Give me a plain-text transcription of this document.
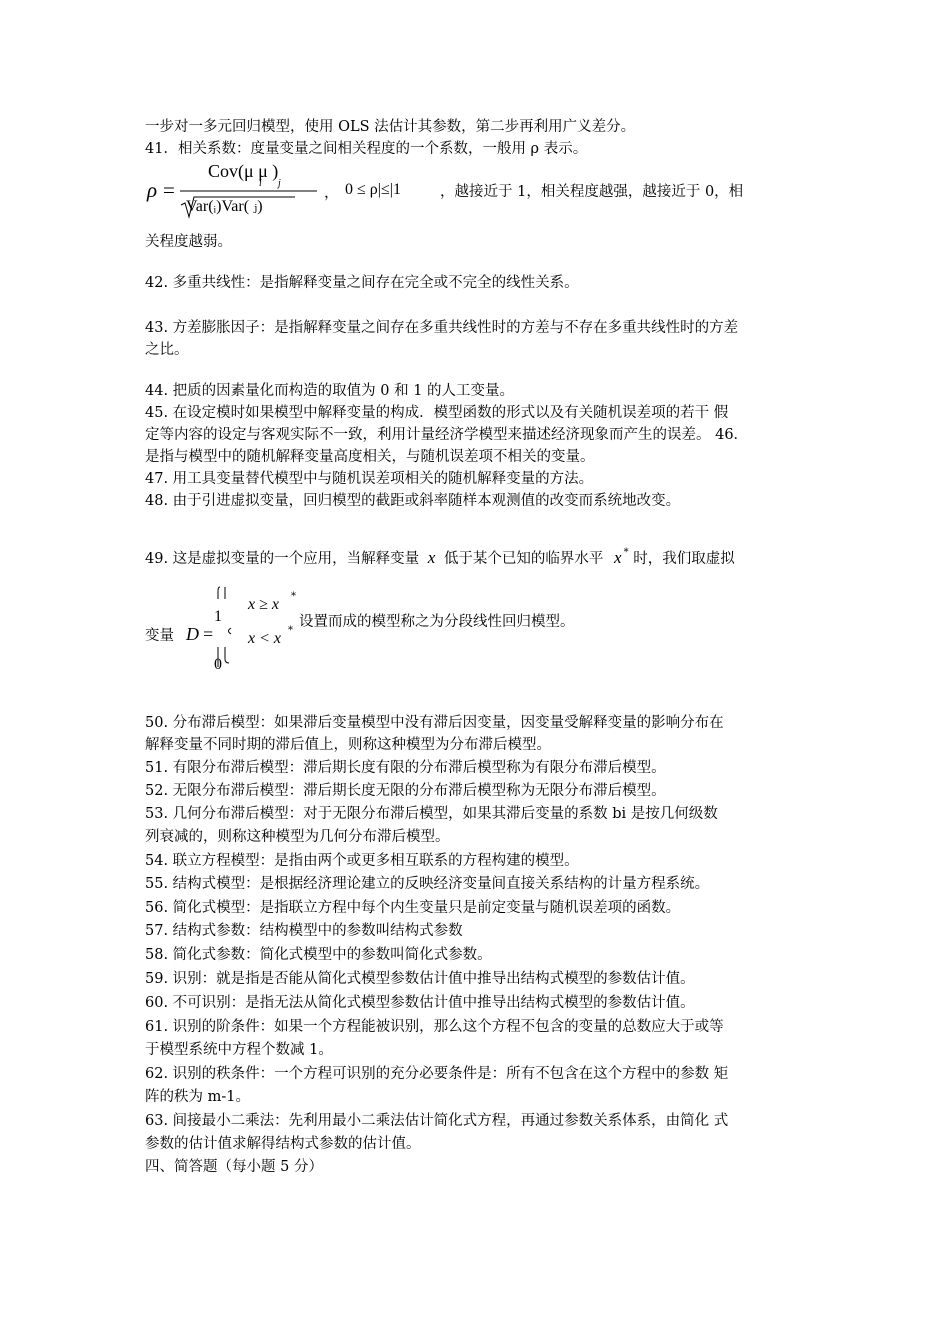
一步对一多元回归模型，使用 OLS 法估计其参数，第二步再利用广义差分。
41．相关系数：度量变量之间相关程度的一个系数，一般用 ρ 表示。
ρ =
Cov(μ μ )
i j
Var(ᵢ)Var( ⱼ)
， 0 ≤ ρ|≤|1	，越接近于 1，相关程度越强，越接近于 0，相
关程度越弱。
42. 多重共线性：是指解释变量之间存在完全或不完全的线性关系。
43. 方差膨胀因子：是指解释变量之间存在多重共线性时的方差与不存在多重共线性时的方差
之比。
44. 把质的因素量化而构造的取值为 0 和 1 的人工变量。
45. 在设定模时如果模型中解释变量的构成．模型函数的形式以及有关随机误差项的若干 假
定等内容的设定与客观实际不一致，利用计量经济学模型来描述经济现象而产生的误差。 46．
是指与模型中的随机解释变量高度相关，与随机误差项不相关的变量。
47. 用工具变量替代模型中与随机误差项相关的随机解释变量的方法。
48. 由于引进虚拟变量，回归模型的截距或斜率随样本观测值的改变而系统地改变。
49. 这是虚拟变量的一个应用，当解释变量 x 低于某个已知的临界水平 x * 时，我们取虚拟
变量 D =
1
0
x ≥ x *
x < x *
设置而成的模型称之为分段线性回归模型。
50. 分布滞后模型：如果滞后变量模型中没有滞后因变量，因变量受解释变量的影响分布在
解释变量不同时期的滞后值上，则称这种模型为分布滞后模型。
51. 有限分布滞后模型：滞后期长度有限的分布滞后模型称为有限分布滞后模型。
52. 无限分布滞后模型：滞后期长度无限的分布滞后模型称为无限分布滞后模型。
53. 几何分布滞后模型：对于无限分布滞后模型，如果其滞后变量的系数 bi 是按几何级数
列衰减的，则称这种模型为几何分布滞后模型。
54. 联立方程模型：是指由两个或更多相互联系的方程构建的模型。
55. 结构式模型：是根据经济理论建立的反映经济变量间直接关系结构的计量方程系统。
56. 简化式模型：是指联立方程中每个内生变量只是前定变量与随机误差项的函数。
57. 结构式参数：结构模型中的参数叫结构式参数
58. 简化式参数：简化式模型中的参数叫简化式参数。
59. 识别：就是指是否能从简化式模型参数估计值中推导出结构式模型的参数估计值。
60. 不可识别：是指无法从简化式模型参数估计值中推导出结构式模型的参数估计值。
61. 识别的阶条件：如果一个方程能被识别，那么这个方程不包含的变量的总数应大于或等
于模型系统中方程个数减 1。
62. 识别的秩条件：一个方程可识别的充分必要条件是：所有不包含在这个方程中的参数 矩
阵的秩为 m-1。
63. 间接最小二乘法：先利用最小二乘法估计简化式方程，再通过参数关系体系，由简化 式
参数的估计值求解得结构式参数的估计值。
四、简答题（每小题 5 分）
